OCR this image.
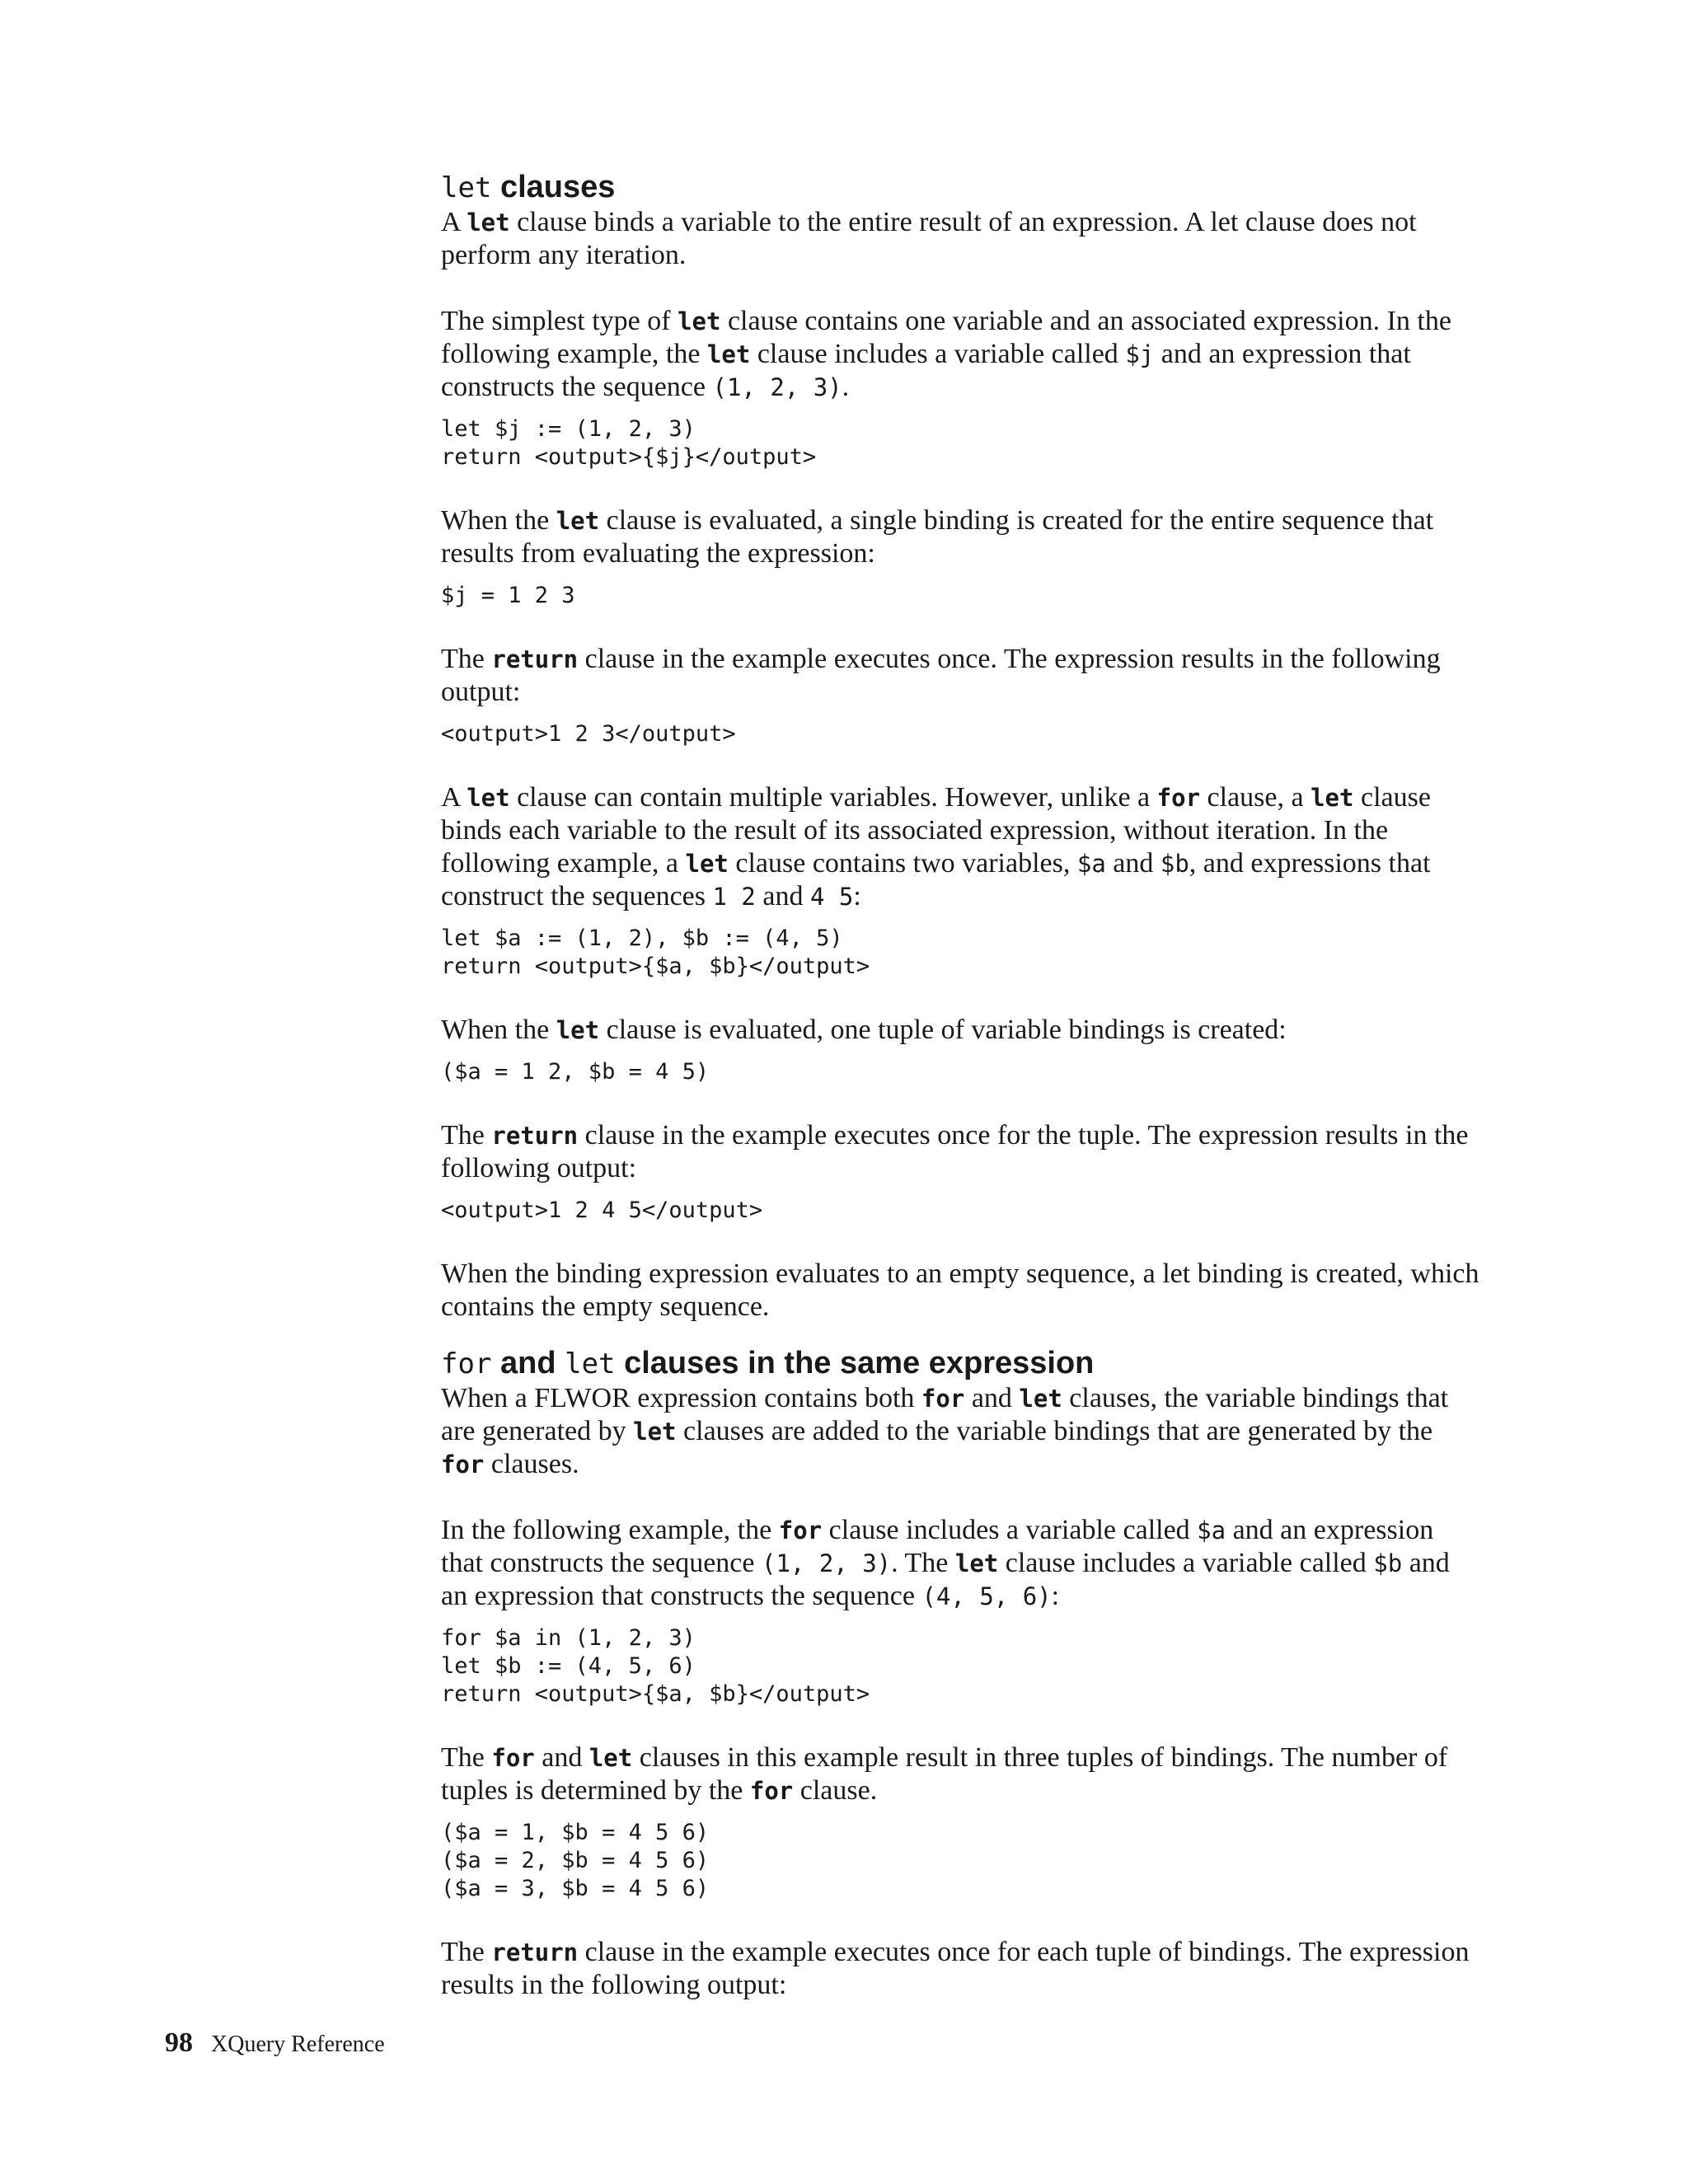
let clauses

A let clause binds a variable to the entire result of an expression. A let clause does not perform any iteration.

The simplest type of let clause contains one variable and an associated expression. In the following example, the let clause includes a variable called $j and an expression that constructs the sequence (1, 2, 3).

let $j := (1, 2, 3)
return <output>{$j}</output>

When the let clause is evaluated, a single binding is created for the entire sequence that results from evaluating the expression:

$j = 1 2 3

The return clause in the example executes once. The expression results in the following output:

<output>1 2 3</output>

A let clause can contain multiple variables. However, unlike a for clause, a let clause binds each variable to the result of its associated expression, without iteration. In the following example, a let clause contains two variables, $a and $b, and expressions that construct the sequences 1 2 and 4 5:

let $a := (1, 2), $b := (4, 5)
return <output>{$a, $b}</output>

When the let clause is evaluated, one tuple of variable bindings is created:

($a = 1 2, $b = 4 5)

The return clause in the example executes once for the tuple. The expression results in the following output:

<output>1 2 4 5</output>

When the binding expression evaluates to an empty sequence, a let binding is created, which contains the empty sequence.

for and let clauses in the same expression

When a FLWOR expression contains both for and let clauses, the variable bindings that are generated by let clauses are added to the variable bindings that are generated by the for clauses.

In the following example, the for clause includes a variable called $a and an expression that constructs the sequence (1, 2, 3). The let clause includes a variable called $b and an expression that constructs the sequence (4, 5, 6):

for $a in (1, 2, 3)
let $b := (4, 5, 6)
return <output>{$a, $b}</output>

The for and let clauses in this example result in three tuples of bindings. The number of tuples is determined by the for clause.

($a = 1, $b = 4 5 6)
($a = 2, $b = 4 5 6)
($a = 3, $b = 4 5 6)

The return clause in the example executes once for each tuple of bindings. The expression results in the following output:

98 XQuery Reference
